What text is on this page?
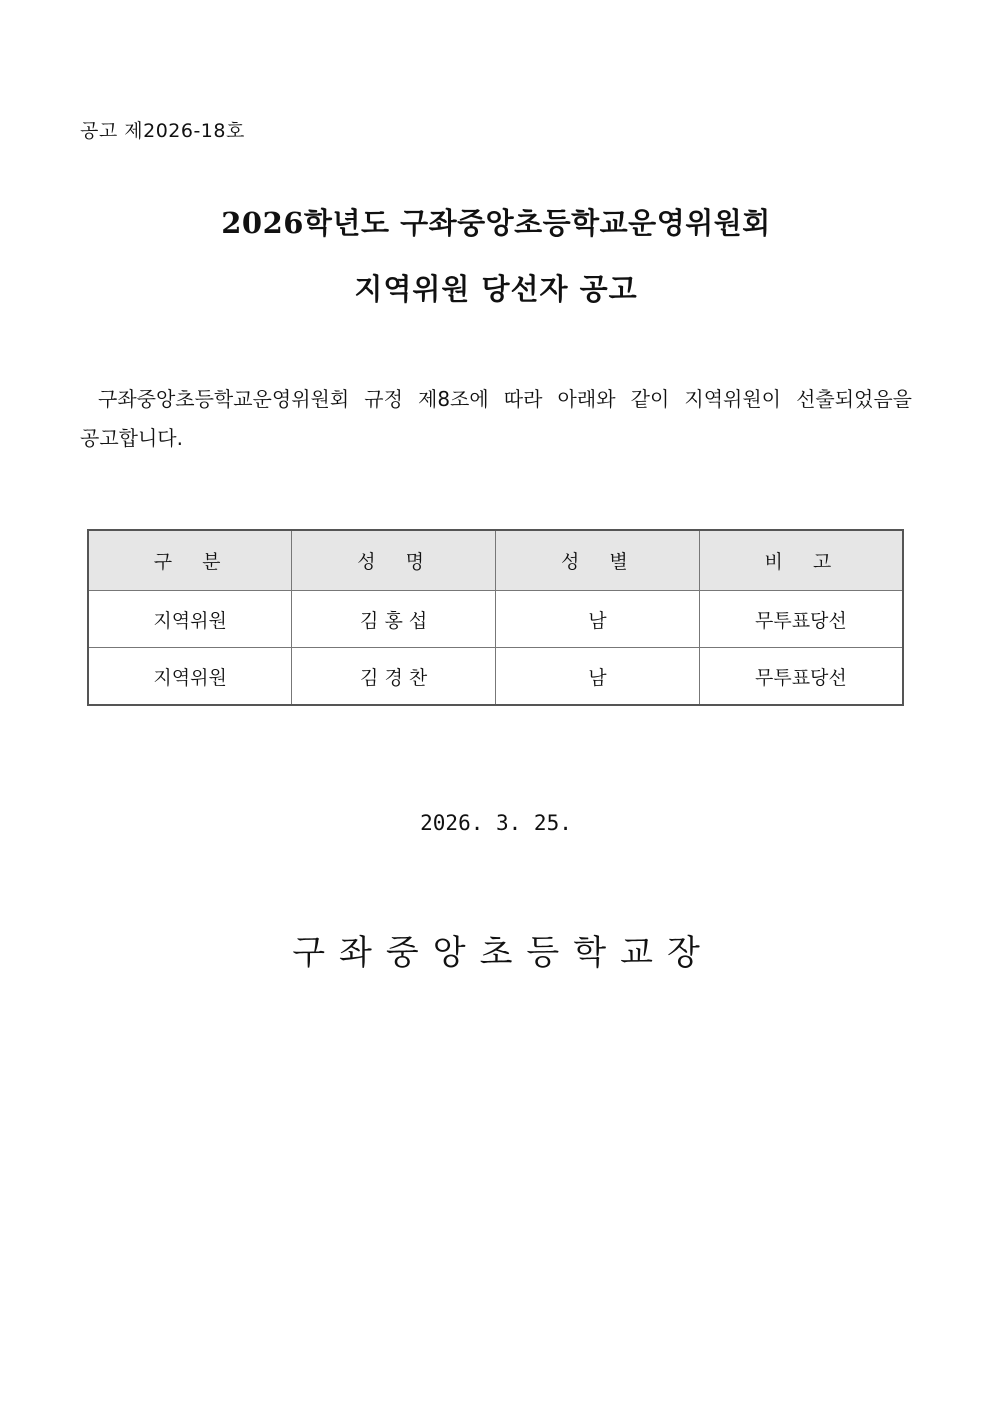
공고 제2026-18호
2026학년도 구좌중앙초등학교운영위원회
지역위원 당선자 공고
구좌중앙초등학교운영위원회 규정 제8조에 따라 아래와 같이 지역위원이 선출되었음을 공고합니다.
구  분	성  명	성  별	비  고
지역위원	김 홍 섭	남	무투표당선
지역위원	김 경 찬	남	무투표당선
2026. 3. 25.
구좌중앙초등학교장
